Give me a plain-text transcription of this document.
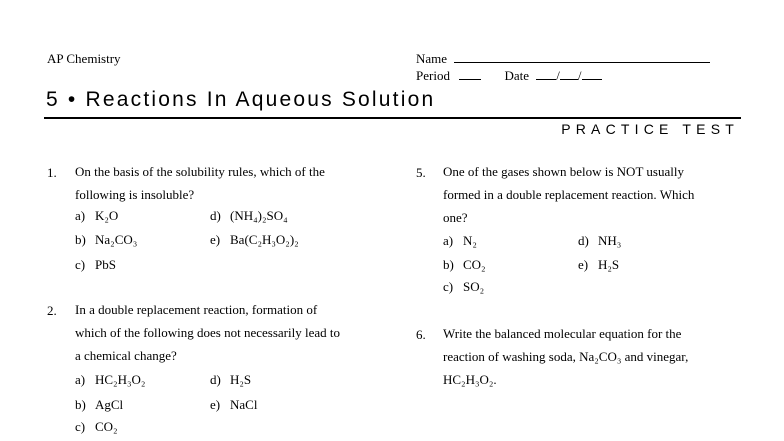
AP Chemistry	Name
Period	Date / /
5 • Reactions In Aqueous Solution
PRACTICE TEST
1. On the basis of the solubility rules, which of the
following is insoluble?
a) K₂O	d) (NH₄)₂SO₄
b) Na₂CO₃	e) Ba(C₂H₃O₂)₂
c) PbS
2. In a double replacement reaction, formation of
which of the following does not necessarily lead to
a chemical change?
a) HC₂H₃O₂	d) H₂S
b) AgCl	e) NaCl
c) CO₂
5. One of the gases shown below is NOT usually
formed in a double replacement reaction. Which
one?
a) N₂	d) NH₃
b) CO₂	e) H₂S
c) SO₂
6. Write the balanced molecular equation for the
reaction of washing soda, Na₂CO₃ and vinegar,
HC₂H₃O₂.
